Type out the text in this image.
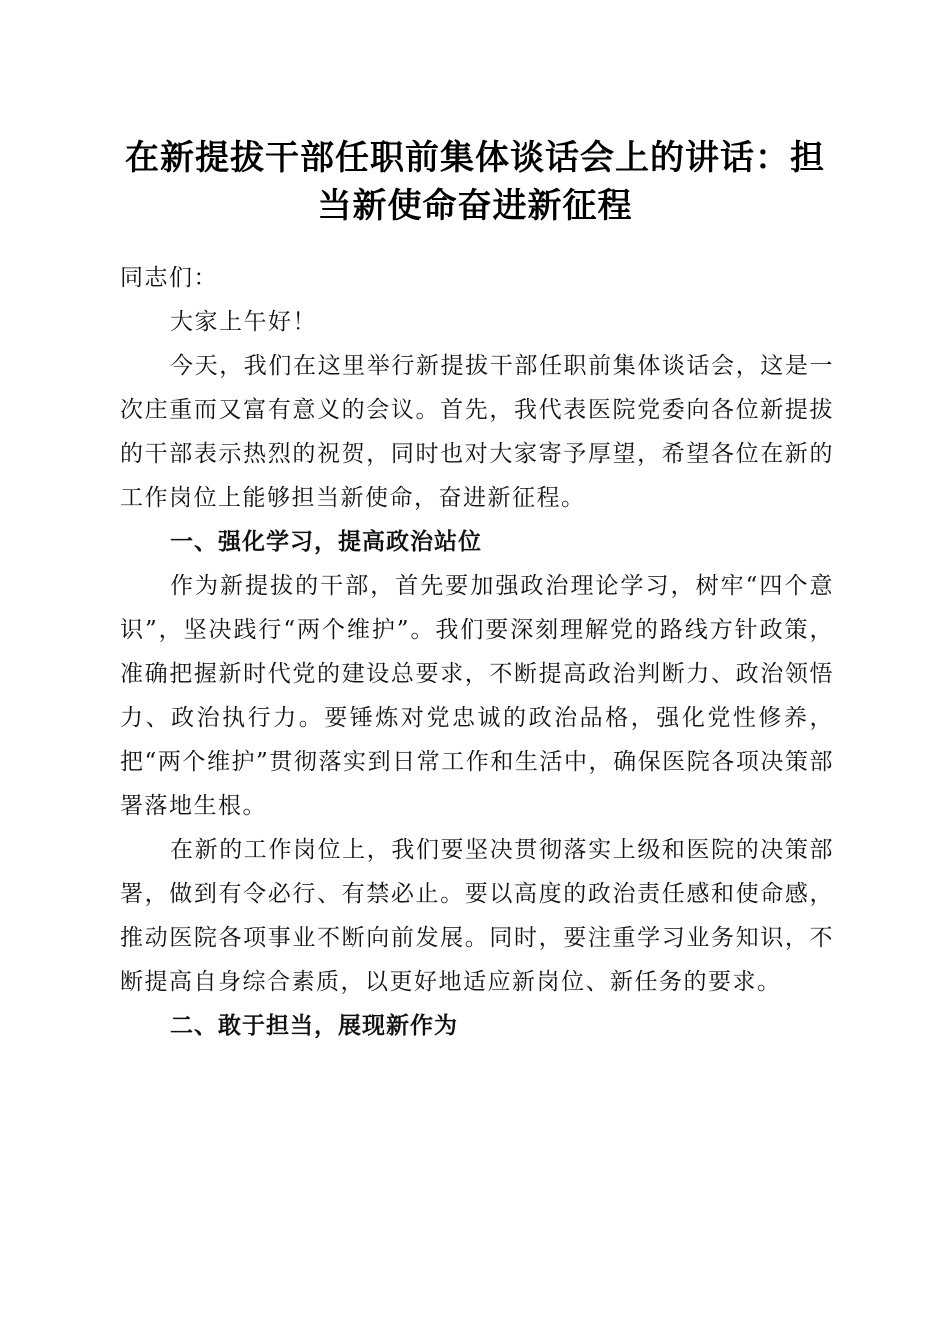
在新提拔干部任职前集体谈话会上的讲话：担当新使命奋进新征程

同志们：

大家上午好！

今天，我们在这里举行新提拔干部任职前集体谈话会，这是一次庄重而又富有意义的会议。首先，我代表医院党委向各位新提拔的干部表示热烈的祝贺，同时也对大家寄予厚望，希望各位在新的工作岗位上能够担当新使命，奋进新征程。

一、强化学习，提高政治站位

作为新提拔的干部，首先要加强政治理论学习，树牢“四个意识”，坚决践行“两个维护”。我们要深刻理解党的路线方针政策，准确把握新时代党的建设总要求，不断提高政治判断力、政治领悟力、政治执行力。要锤炼对党忠诚的政治品格，强化党性修养，把“两个维护”贯彻落实到日常工作和生活中，确保医院各项决策部署落地生根。

在新的工作岗位上，我们要坚决贯彻落实上级和医院的决策部署，做到有令必行、有禁必止。要以高度的政治责任感和使命感，推动医院各项事业不断向前发展。同时，要注重学习业务知识，不断提高自身综合素质，以更好地适应新岗位、新任务的要求。

二、敢于担当，展现新作为
